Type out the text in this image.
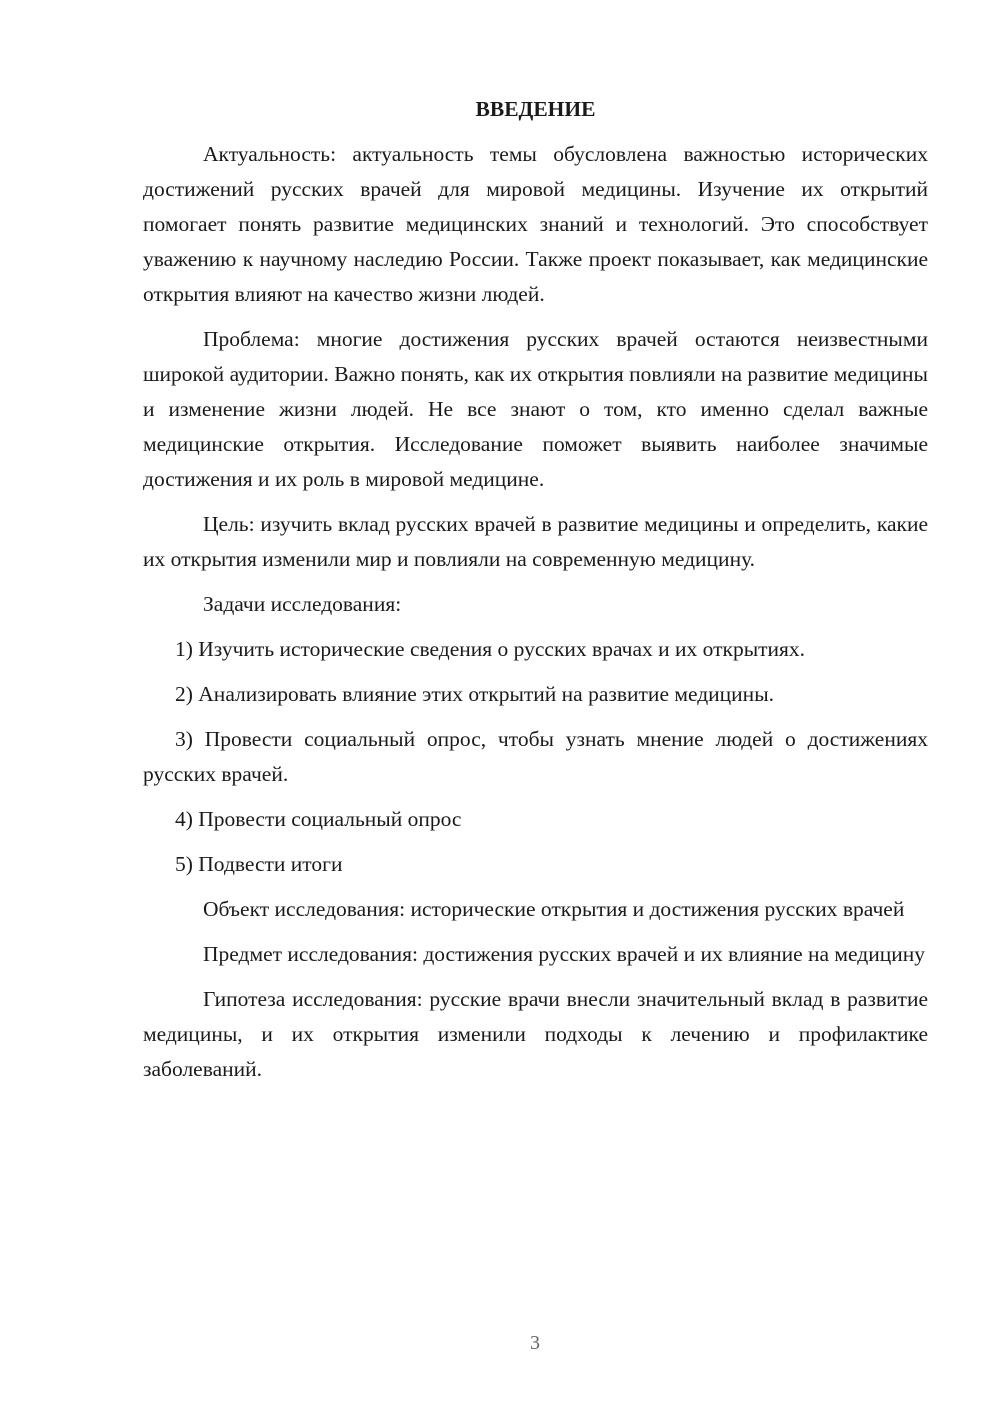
ВВЕДЕНИЕ

Актуальность: актуальность темы обусловлена важностью исторических достижений русских врачей для мировой медицины. Изучение их открытий помогает понять развитие медицинских знаний и технологий. Это способствует уважению к научному наследию России. Также проект показывает, как медицинские открытия влияют на качество жизни людей.

Проблема: многие достижения русских врачей остаются неизвестными широкой аудитории. Важно понять, как их открытия повлияли на развитие медицины и изменение жизни людей. Не все знают о том, кто именно сделал важные медицинские открытия. Исследование поможет выявить наиболее значимые достижения и их роль в мировой медицине.

Цель: изучить вклад русских врачей в развитие медицины и определить, какие их открытия изменили мир и повлияли на современную медицину.

Задачи исследования:

1) Изучить исторические сведения о русских врачах и их открытиях.

2) Анализировать влияние этих открытий на развитие медицины.

3) Провести социальный опрос, чтобы узнать мнение людей о достижениях русских врачей.

4) Провести социальный опрос

5) Подвести итоги

Объект исследования: исторические открытия и достижения русских врачей

Предмет исследования: достижения русских врачей и их влияние на медицину

Гипотеза исследования: русские врачи внесли значительный вклад в развитие медицины, и их открытия изменили подходы к лечению и профилактике заболеваний.

3
